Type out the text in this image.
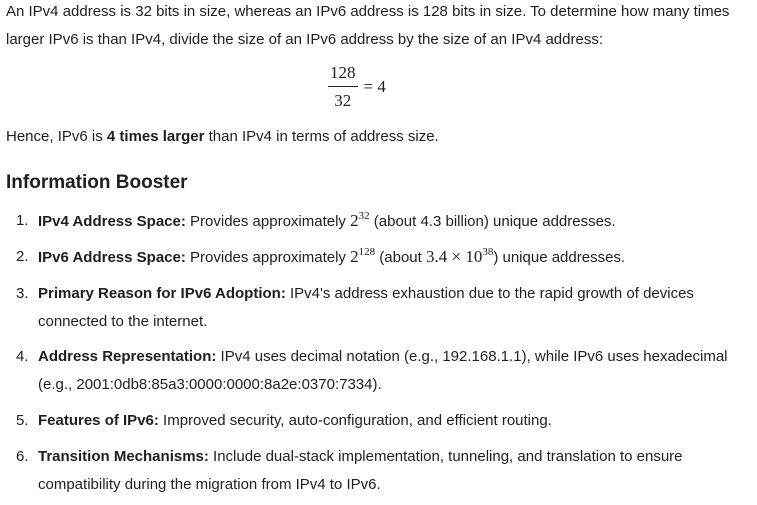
An IPv4 address is 32 bits in size, whereas an IPv6 address is 128 bits in size. To determine how many times larger IPv6 is than IPv4, divide the size of an IPv6 address by the size of an IPv4 address:

$\frac{128}{32} = 4$

Hence, IPv6 is 4 times larger than IPv4 in terms of address size.

Information Booster
1. IPv4 Address Space: Provides approximately $2^{32}$ (about 4.3 billion) unique addresses.
2. IPv6 Address Space: Provides approximately $2^{128}$ (about $3.4 \times 10^{38}$) unique addresses.
3. Primary Reason for IPv6 Adoption: IPv4's address exhaustion due to the rapid growth of devices connected to the internet.
4. Address Representation: IPv4 uses decimal notation (e.g., 192.168.1.1), while IPv6 uses hexadecimal (e.g., 2001:0db8:85a3:0000:0000:8a2e:0370:7334).
5. Features of IPv6: Improved security, auto-configuration, and efficient routing.
6. Transition Mechanisms: Include dual-stack implementation, tunneling, and translation to ensure compatibility during the migration from IPv4 to IPv6.
